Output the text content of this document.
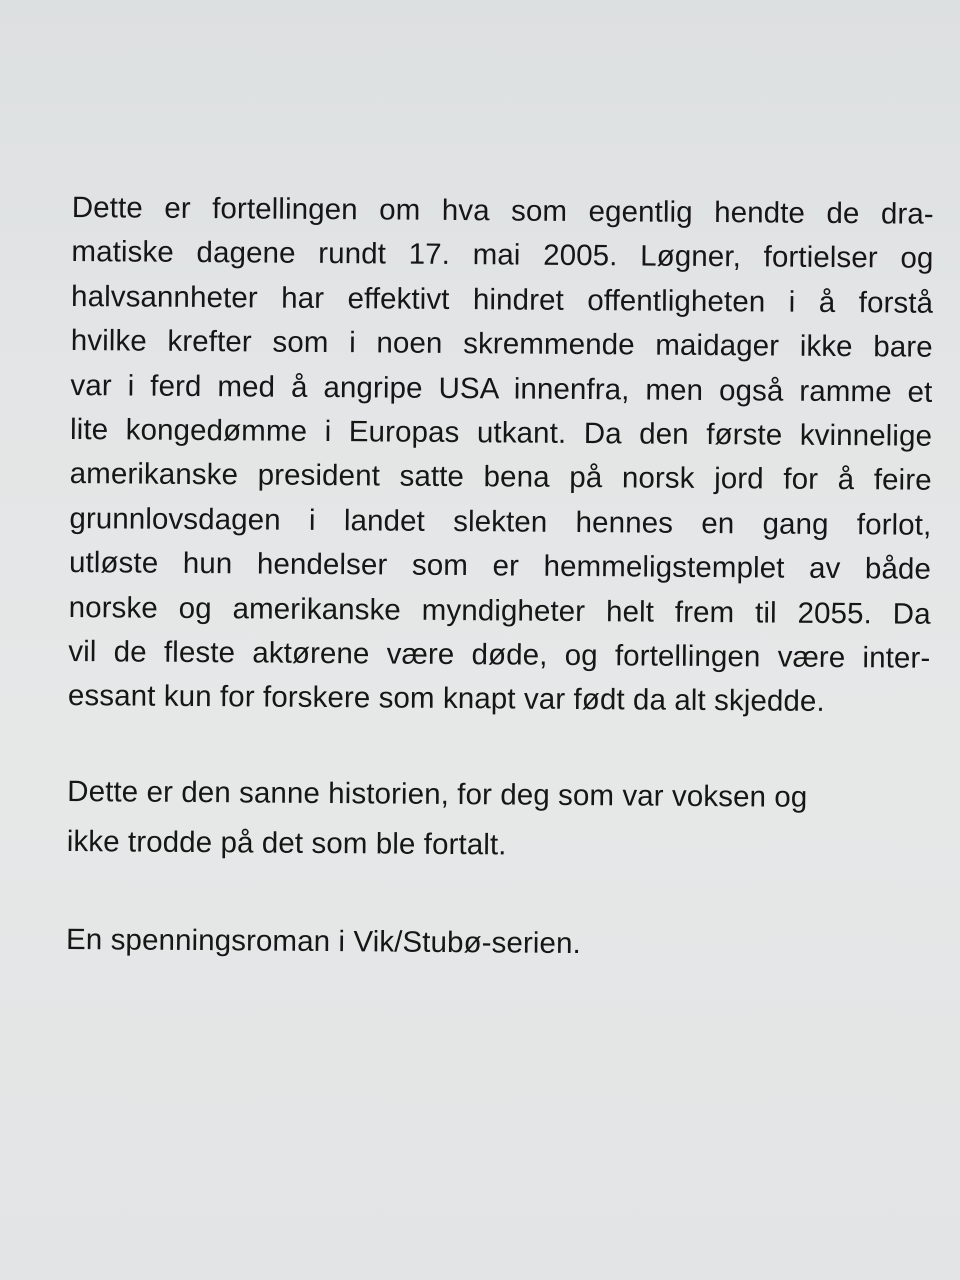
Dette er fortellingen om hva som egentlig hendte de dra-
matiske dagene rundt 17. mai 2005. Løgner, fortielser og
halvsannheter har effektivt hindret offentligheten i å forstå
hvilke krefter som i noen skremmende maidager ikke bare
var i ferd med å angripe USA innenfra, men også ramme et
lite kongedømme i Europas utkant. Da den første kvinnelige
amerikanske president satte bena på norsk jord for å feire
grunnlovsdagen i landet slekten hennes en gang forlot,
utløste hun hendelser som er hemmeligstemplet av både
norske og amerikanske myndigheter helt frem til 2055. Da
vil de fleste aktørene være døde, og fortellingen være inter-
essant kun for forskere som knapt var født da alt skjedde.
Dette er den sanne historien, for deg som var voksen og
ikke trodde på det som ble fortalt.
En spenningsroman i Vik/Stubø-serien.
